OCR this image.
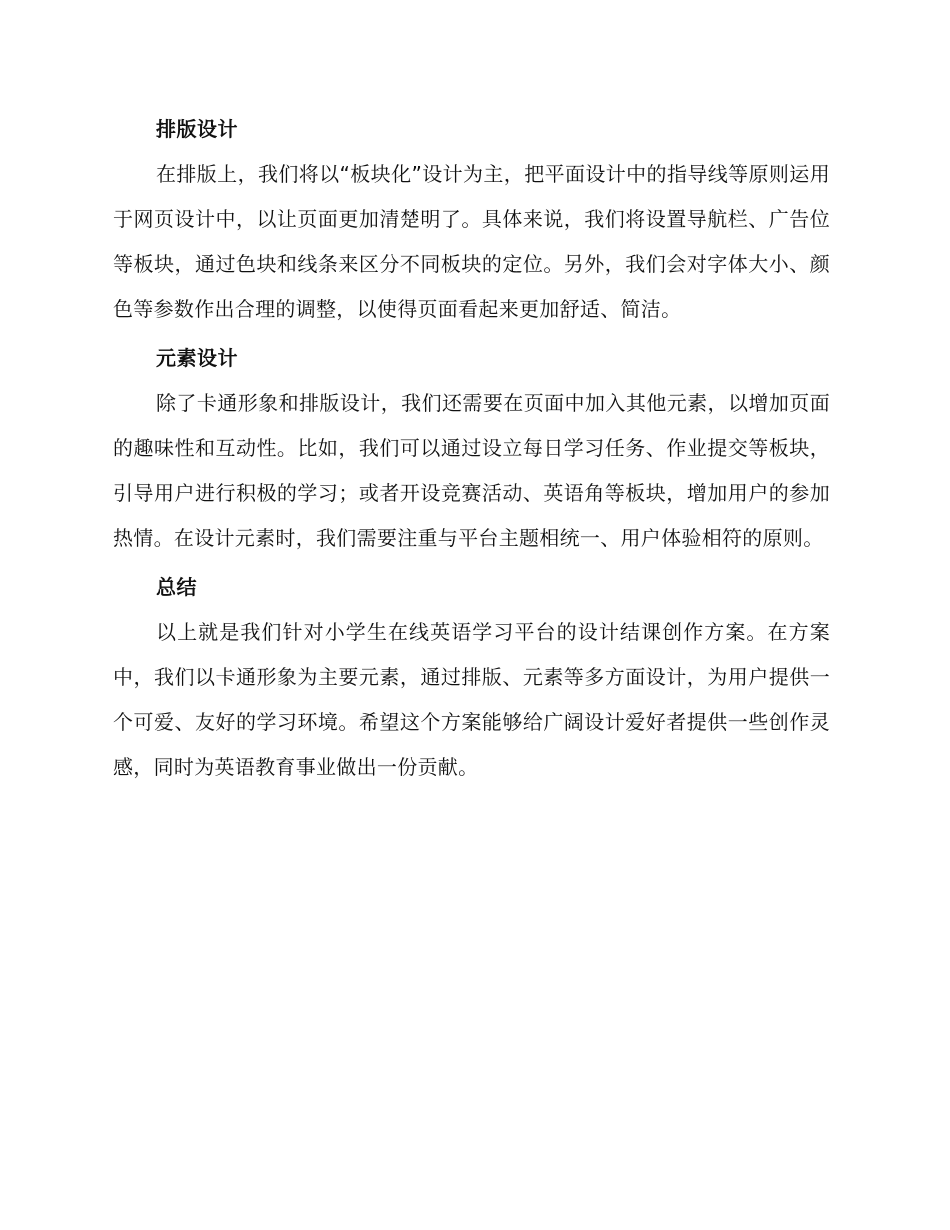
排版设计

在排版上，我们将以“板块化”设计为主，把平面设计中的指导线等原则运用于网页设计中，以让页面更加清楚明了。具体来说，我们将设置导航栏、广告位等板块，通过色块和线条来区分不同板块的定位。另外，我们会对字体大小、颜色等参数作出合理的调整，以使得页面看起来更加舒适、简洁。

元素设计

除了卡通形象和排版设计，我们还需要在页面中加入其他元素，以增加页面的趣味性和互动性。比如，我们可以通过设立每日学习任务、作业提交等板块，引导用户进行积极的学习；或者开设竞赛活动、英语角等板块，增加用户的参加热情。在设计元素时，我们需要注重与平台主题相统一、用户体验相符的原则。

总结

以上就是我们针对小学生在线英语学习平台的设计结课创作方案。在方案中，我们以卡通形象为主要元素，通过排版、元素等多方面设计，为用户提供一个可爱、友好的学习环境。希望这个方案能够给广阔设计爱好者提供一些创作灵感，同时为英语教育事业做出一份贡献。
